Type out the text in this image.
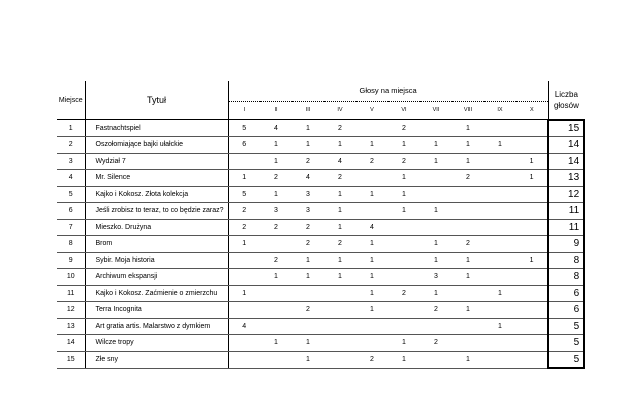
Miejsce	Tytuł	Głosy na miejsca										Liczba głosów
		I	II	III	IV	V	VI	VII	VIII	IX	X	
1	Fastnachtspiel	5	4	1	2		2		1			15
2	Oszołomiające bajki ułałckie	6	1	1	1	1	1	1	1	1		14
3	Wydział 7		1	2	4	2	2	1	1		1	14
4	Mr. Silence	1	2	4	2		1		2		1	13
5	Kajko i Kokosz. Złota kolekcja	5	1	3	1	1	1					12
6	Jeśli zrobisz to teraz, to co będzie zaraz?	2	3	3	1		1	1				11
7	Mieszko. Drużyna	2	2	2	1	4						11
8	Brom	1		2	2	1		1	2			9
9	Sybir. Moja historia		2	1	1	1		1	1		1	8
10	Archiwum ekspansji		1	1	1	1		3	1			8
11	Kajko i Kokosz. Zaćmienie o zmierzchu	1				1	2	1		1		6
12	Terra Incognita			2		1		2	1			6
13	Art gratia artis. Malarstwo z dymkiem	4								1		5
14	Wilcze tropy		1	1			1	2				5
15	Złe sny			1		2	1		1			5
